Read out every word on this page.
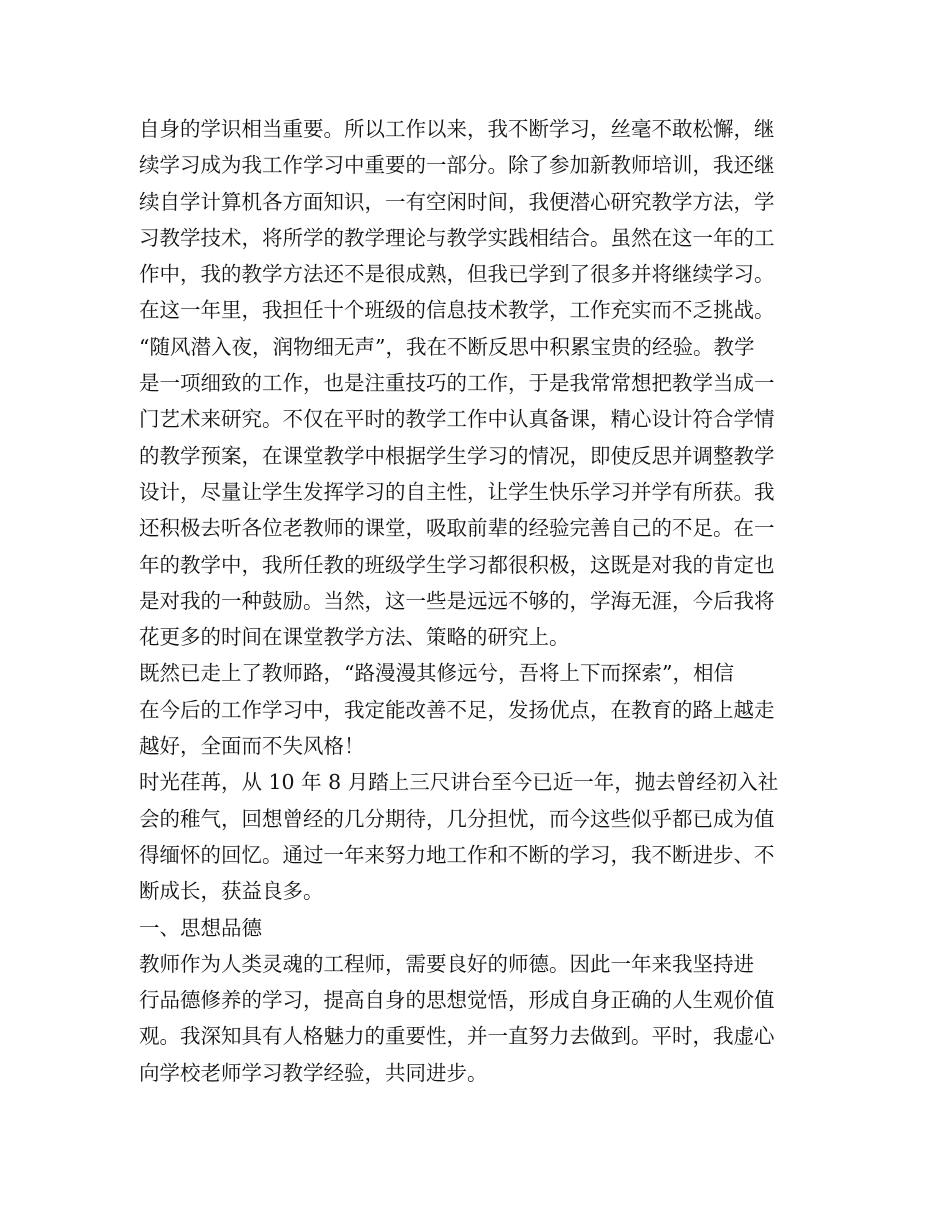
自身的学识相当重要。所以工作以来，我不断学习，丝毫不敢松懈，继
续学习成为我工作学习中重要的一部分。除了参加新教师培训，我还继
续自学计算机各方面知识，一有空闲时间，我便潜心研究教学方法，学
习教学技术，将所学的教学理论与教学实践相结合。虽然在这一年的工
作中，我的教学方法还不是很成熟，但我已学到了很多并将继续学习。
在这一年里，我担任十个班级的信息技术教学，工作充实而不乏挑战。
“随风潜入夜，润物细无声”，我在不断反思中积累宝贵的经验。教学
是一项细致的工作，也是注重技巧的工作，于是我常常想把教学当成一
门艺术来研究。不仅在平时的教学工作中认真备课，精心设计符合学情
的教学预案，在课堂教学中根据学生学习的情况，即使反思并调整教学
设计，尽量让学生发挥学习的自主性，让学生快乐学习并学有所获。我
还积极去听各位老教师的课堂，吸取前辈的经验完善自己的不足。在一
年的教学中，我所任教的班级学生学习都很积极，这既是对我的肯定也
是对我的一种鼓励。当然，这一些是远远不够的，学海无涯，今后我将
花更多的时间在课堂教学方法、策略的研究上。
既然已走上了教师路，“路漫漫其修远兮，吾将上下而探索”，相信
在今后的工作学习中，我定能改善不足，发扬优点，在教育的路上越走
越好，全面而不失风格！
时光荏苒，从 10 年 8 月踏上三尺讲台至今已近一年，抛去曾经初入社
会的稚气，回想曾经的几分期待，几分担忧，而今这些似乎都已成为值
得缅怀的回忆。通过一年来努力地工作和不断的学习，我不断进步、不
断成长，获益良多。
一、思想品德
教师作为人类灵魂的工程师，需要良好的师德。因此一年来我坚持进
行品德修养的学习，提高自身的思想觉悟，形成自身正确的人生观价值
观。我深知具有人格魅力的重要性，并一直努力去做到。平时，我虚心
向学校老师学习教学经验，共同进步。
